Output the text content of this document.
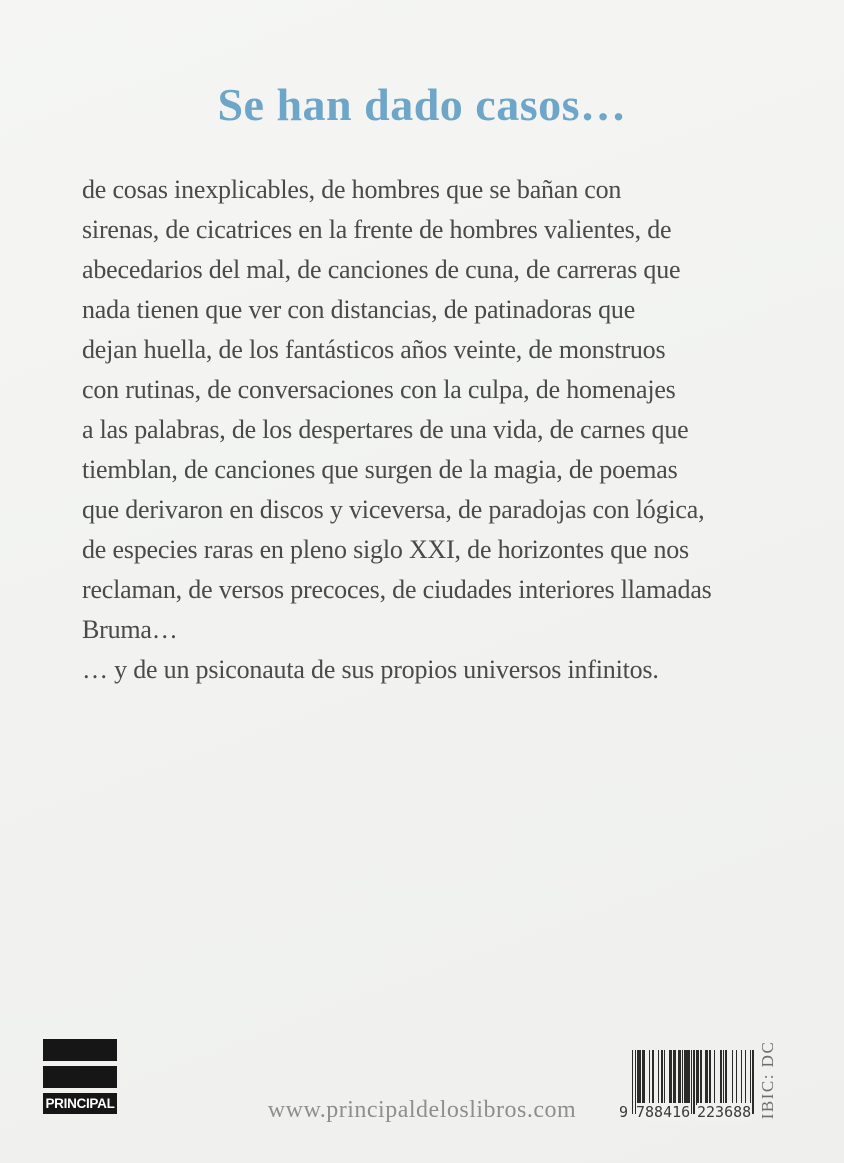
Se han dado casos…
de cosas inexplicables, de hombres que se bañan con
sirenas, de cicatrices en la frente de hombres valientes, de
abecedarios del mal, de canciones de cuna, de carreras que
nada tienen que ver con distancias, de patinadoras que
dejan huella, de los fantásticos años veinte, de monstruos
con rutinas, de conversaciones con la culpa, de homenajes
a las palabras, de los despertares de una vida, de carnes que
tiemblan, de canciones que surgen de la magia, de poemas
que derivaron en discos y viceversa, de paradojas con lógica,
de especies raras en pleno siglo XXI, de horizontes que nos
reclaman, de versos precoces, de ciudades interiores llamadas
Bruma…
… y de un psiconauta de sus propios universos infinitos.
PRINCIPAL	www.principaldeloslibros.com	9 788416 223688 IBIC: DC
